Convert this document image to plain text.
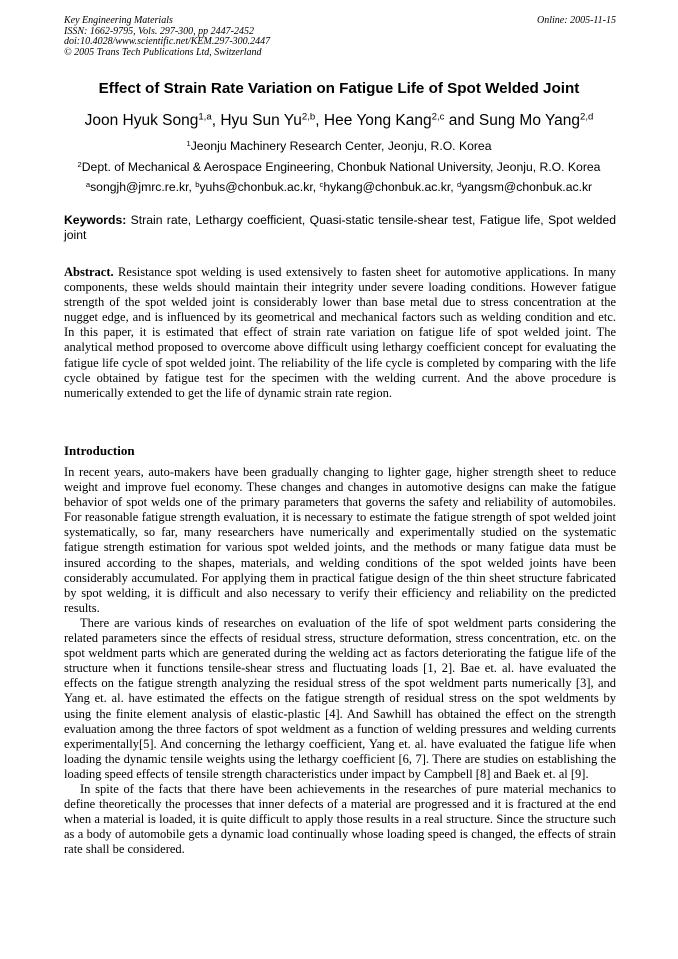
Key Engineering Materials
ISSN: 1662-9795, Vols. 297-300, pp 2447-2452
doi:10.4028/www.scientific.net/KEM.297-300.2447
© 2005 Trans Tech Publications Ltd, Switzerland
Online: 2005-11-15
Effect of Strain Rate Variation on Fatigue Life of Spot Welded Joint
Joon Hyuk Song$^{1,a}$, Hyu Sun Yu$^{2,b}$, Hee Yong Kang$^{2,c}$ and Sung Mo Yang$^{2,d}$
$^1$Jeonju Machinery Research Center, Jeonju, R.O. Korea
$^2$Dept. of Mechanical & Aerospace Engineering, Chonbuk National University, Jeonju, R.O. Korea
$^a$songjh@jmrc.re.kr, $^b$yuhs@chonbuk.ac.kr, $^c$hykang@chonbuk.ac.kr, $^d$yangsm@chonbuk.ac.kr
Keywords: Strain rate, Lethargy coefficient, Quasi-static tensile-shear test, Fatigue life, Spot welded joint

Abstract. Resistance spot welding is used extensively to fasten sheet for automotive applications. In many components, these welds should maintain their integrity under severe loading conditions. However fatigue strength of the spot welded joint is considerably lower than base metal due to stress concentration at the nugget edge, and is influenced by its geometrical and mechanical factors such as welding condition and etc. In this paper, it is estimated that effect of strain rate variation on fatigue life of spot welded joint. The analytical method proposed to overcome above difficult using lethargy coefficient concept for evaluating the fatigue life cycle of spot welded joint. The reliability of the life cycle is completed by comparing with the life cycle obtained by fatigue test for the specimen with the welding current. And the above procedure is numerically extended to get the life of dynamic strain rate region.

Introduction

In recent years, auto-makers have been gradually changing to lighter gage, higher strength sheet to reduce weight and improve fuel economy. These changes and changes in automotive designs can make the fatigue behavior of spot welds one of the primary parameters that governs the safety and reliability of automobiles. For reasonable fatigue strength evaluation, it is necessary to estimate the fatigue strength of spot welded joint systematically, so far, many researchers have numerically and experimentally studied on the systematic fatigue strength estimation for various spot welded joints, and the methods or many fatigue data must be insured according to the shapes, materials, and welding conditions of the spot welded joints have been considerably accumulated. For applying them in practical fatigue design of the thin sheet structure fabricated by spot welding, it is difficult and also necessary to verify their efficiency and reliability on the predicted results.

There are various kinds of researches on evaluation of the life of spot weldment parts considering the related parameters since the effects of residual stress, structure deformation, stress concentration, etc. on the spot weldment parts which are generated during the welding act as factors deteriorating the fatigue life of the structure when it functions tensile-shear stress and fluctuating loads [1, 2]. Bae et. al. have evaluated the effects on the fatigue strength analyzing the residual stress of the spot weldment parts numerically [3], and Yang et. al. have estimated the effects on the fatigue strength of residual stress on the spot weldments by using the finite element analysis of elastic-plastic [4]. And Sawhill has obtained the effect on the strength evaluation among the three factors of spot weldment as a function of welding pressures and welding currents experimentally[5]. And concerning the lethargy coefficient, Yang et. al. have evaluated the fatigue life when loading the dynamic tensile weights using the lethargy coefficient [6, 7]. There are studies on establishing the loading speed effects of tensile strength characteristics under impact by Campbell [8] and Baek et. al [9].

In spite of the facts that there have been achievements in the researches of pure material mechanics to define theoretically the processes that inner defects of a material are progressed and it is fractured at the end when a material is loaded, it is quite difficult to apply those results in a real structure. Since the structure such as a body of automobile gets a dynamic load continually whose loading speed is changed, the effects of strain rate shall be considered.
